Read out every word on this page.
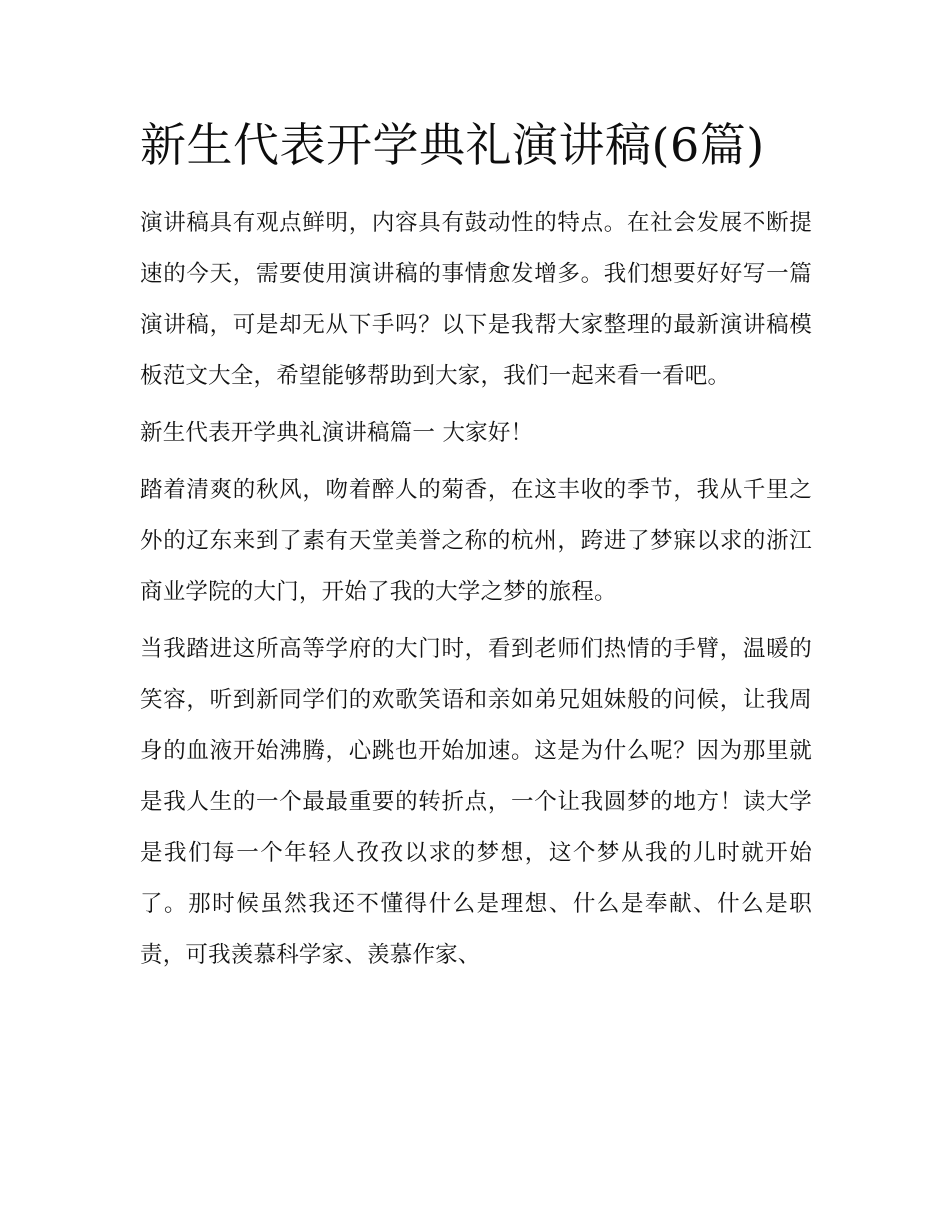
新生代表开学典礼演讲稿(6篇)

演讲稿具有观点鲜明，内容具有鼓动性的特点。在社会发展不断提速的今天，需要使用演讲稿的事情愈发增多。我们想要好好写一篇演讲稿，可是却无从下手吗？以下是我帮大家整理的最新演讲稿模板范文大全，希望能够帮助到大家，我们一起来看一看吧。

新生代表开学典礼演讲稿篇一 大家好！

踏着清爽的秋风，吻着醉人的菊香，在这丰收的季节，我从千里之外的辽东来到了素有天堂美誉之称的杭州，跨进了梦寐以求的浙江商业学院的大门，开始了我的大学之梦的旅程。

当我踏进这所高等学府的大门时，看到老师们热情的手臂，温暖的笑容，听到新同学们的欢歌笑语和亲如弟兄姐妹般的问候，让我周身的血液开始沸腾，心跳也开始加速。这是为什么呢？因为那里就是我人生的一个最最重要的转折点，一个让我圆梦的地方！读大学是我们每一个年轻人孜孜以求的梦想，这个梦从我的儿时就开始了。那时候虽然我还不懂得什么是理想、什么是奉献、什么是职责，可我羡慕科学家、羡慕作家、
